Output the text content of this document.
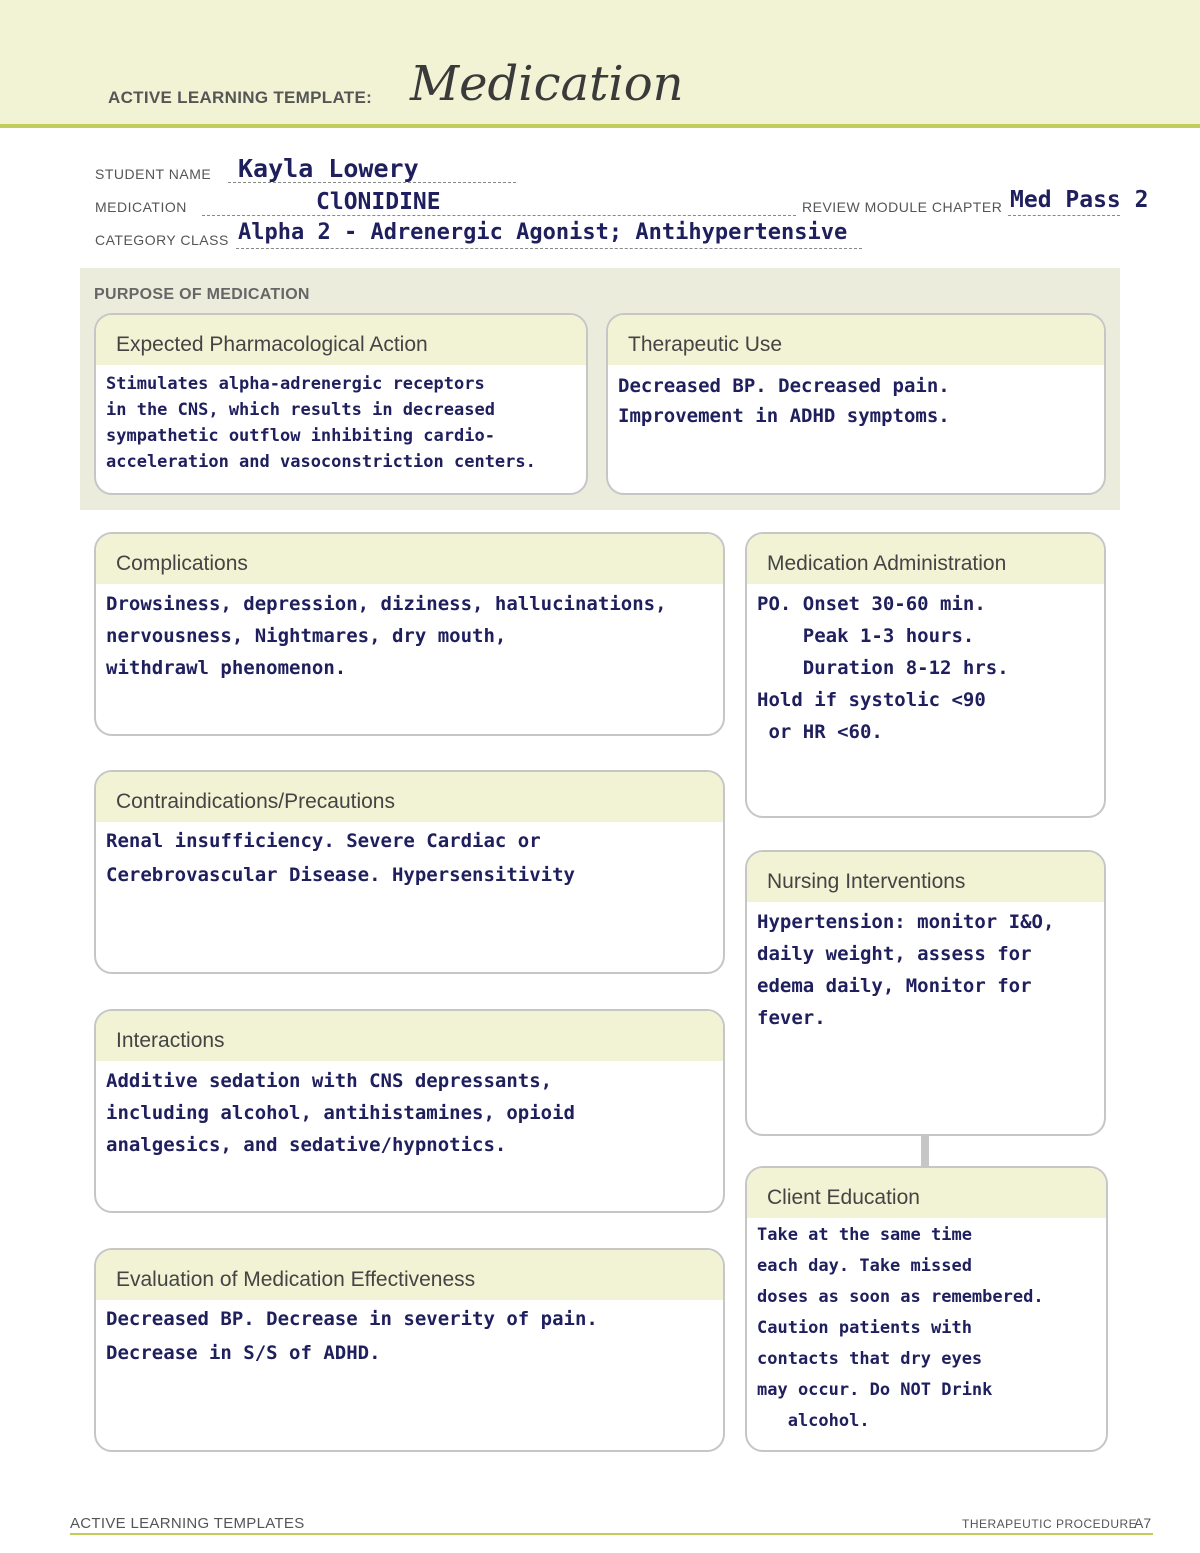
ACTIVE LEARNING TEMPLATE: Medication
STUDENT NAME Kayla Lowery
MEDICATION	ClONIDINE	REVIEW MODULE CHAPTER Med Pass 2
CATEGORY CLASS Alpha 2 - Adrenergic Agonist; Antihypertensive
PURPOSE OF MEDICATION
Expected Pharmacological Action
Stimulates alpha-adrenergic receptors
in the CNS, which results in decreased
sympathetic outflow inhibiting cardio-
acceleration and vasoconstriction centers.
Therapeutic Use
Decreased BP. Decreased pain.
Improvement in ADHD symptoms.
Complications
Drowsiness, depression, diziness, hallucinations,
nervousness, Nightmares, dry mouth,
withdrawl phenomenon.
Contraindications/Precautions
Renal insufficiency. Severe Cardiac or
Cerebrovascular Disease. Hypersensitivity
Interactions
Additive sedation with CNS depressants,
including alcohol, antihistamines, opioid
analgesics, and sedative/hypnotics.
Evaluation of Medication Effectiveness
Decreased BP. Decrease in severity of pain.
Decrease in S/S of ADHD.
Medication Administration
PO. Onset 30-60 min.
Peak 1-3 hours.
Duration 8-12 hrs.
Hold if systolic <90
or HR <60.
Nursing Interventions
Hypertension: monitor I&O,
daily weight, assess for
edema daily, Monitor for
fever.
Client Education
Take at the same time
each day. Take missed
doses as soon as remembered.
Caution patients with
contacts that dry eyes
may occur. Do NOT Drink
alcohol.
ACTIVE LEARNING TEMPLATES	THERAPEUTIC PROCEDURE
A7
